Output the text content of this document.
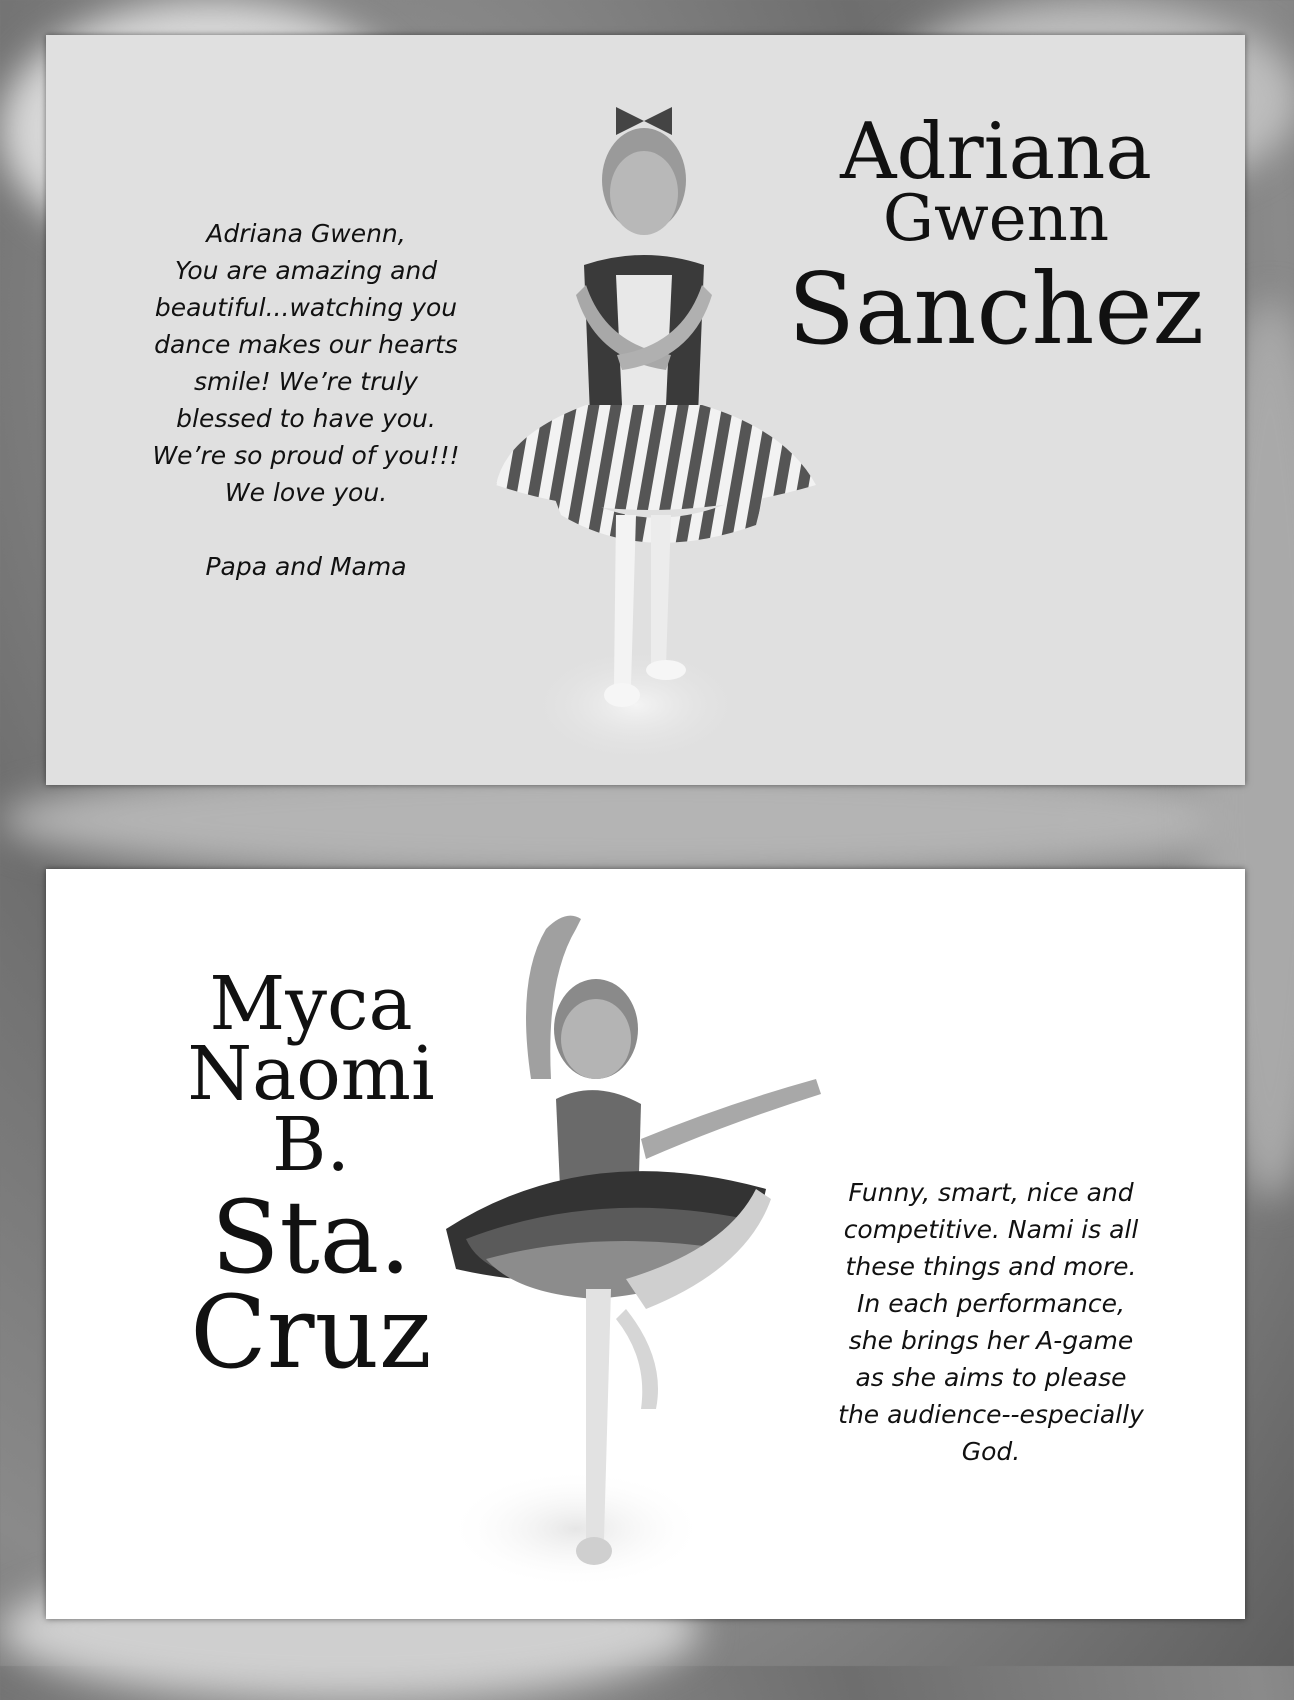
Adriana Gwenn,
You are amazing and
beautiful...watching you
dance makes our hearts
smile! We’re truly
blessed to have you.
We’re so proud of you!!!
We love you.
Papa and Mama
Adriana
Gwenn
Sanchez
Myca
Naomi
B.
Sta.
Cruz
Funny, smart, nice and
competitive. Nami is all
these things and more.
In each performance,
she brings her A-game
as she aims to please
the audience--especially
God.
